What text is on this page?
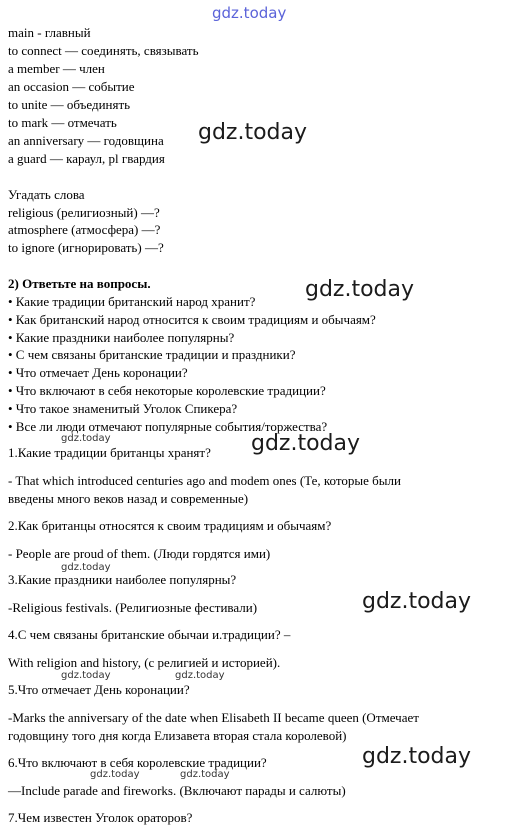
gdz.today
main - главный
to connect — соединять, связывать
a member — член
an occasion — событие
to unite — объединять
to mark — отмечать
an anniversary — годовщина
a guard — караул, pl гвардия
Угадать слова
religious (религиозный) —?
atmosphere (атмосфера) —?
to ignore (игнорировать) —?
2) Ответьте на вопросы.
• Какие традиции британский народ хранит?
• Как британский народ относится к своим традициям и обычаям?
• Какие праздники наиболее популярны?
• С чем связаны британские традиции и праздники?
• Что отмечает День коронации?
• Что включают в себя некоторые королевские традиции?
• Что такое знаменитый Уголок Спикера?
• Все ли люди отмечают популярные события/торжества?
1.Какие традиции британцы хранят?
- That which introduced centuries ago and modem ones (Те, которые были
введены много веков назад и современные)
2.Как британцы относятся к своим традициям и обычаям?
- People are proud of them. (Люди гордятся ими)
3.Какие праздники наиболее популярны?
-Religious festivals. (Религиозные фестивали)
4.С чем связаны британские обычаи и.традиции? –
With religion and history, (с религией и историей).
5.Что отмечает День коронации?
-Marks the anniversary of the date when Elisabeth II became queen (Отмечает
годовщину того дня когда Елизавета вторая стала королевой)
6.Что включают в себя королевские традиции?
—Include parade and fireworks. (Включают парады и салюты)
7.Чем известен Уголок ораторов?
gdz.today
gdz.today
gdz.today
gdz.today
gdz.today
gdz.today
gdz.today
gdz.today	gdz.today
gdz.today	gdz.today
